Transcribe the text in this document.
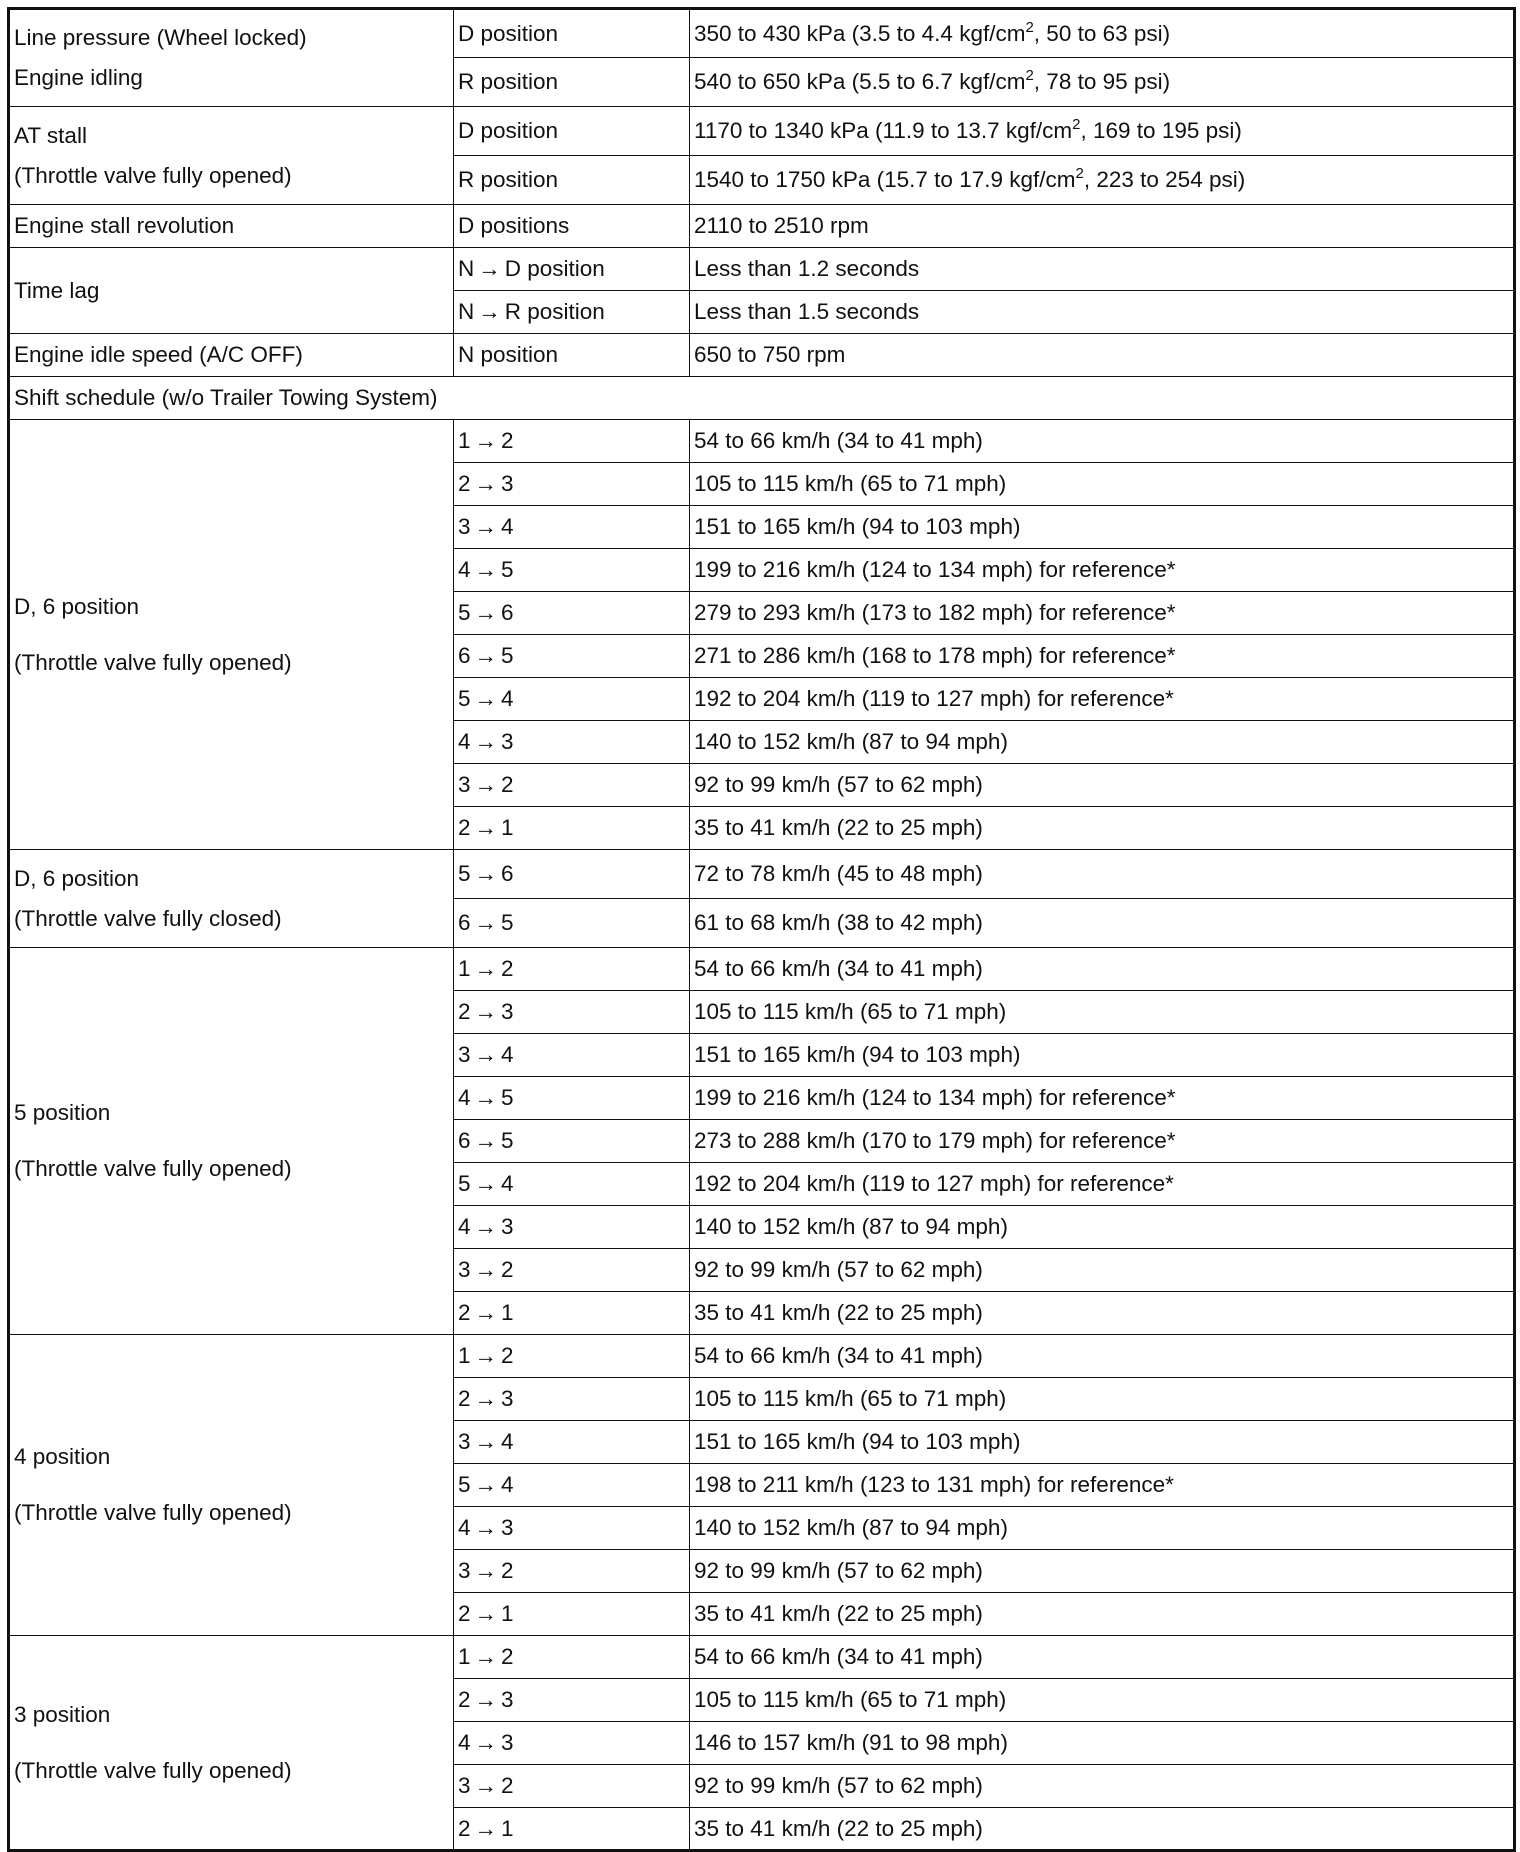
Line pressure (Wheel locked)
Engine idling	D position	350 to 430 kPa (3.5 to 4.4 kgf/$cm^2$, 50 to 63 psi)
	R position	540 to 650 kPa (5.5 to 6.7 kgf/$cm^2$, 78 to 95 psi)

AT stall
(Throttle valve fully opened)	D position	1170 to 1340 kPa (11.9 to 13.7 kgf/$cm^2$, 169 to 195 psi)
	R position	1540 to 1750 kPa (15.7 to 17.9 kgf/$cm^2$, 223 to 254 psi)
Engine stall revolution	D positions	2110 to 2510 rpm
Time lag	N → D position	Less than 1.2 seconds
	N → R position	Less than 1.5 seconds
Engine idle speed (A/C OFF)	N position	650 to 750 rpm
Shift schedule (w/o Trailer Towing System)		

D, 6 position
(Throttle valve fully opened)	1 → 2	54 to 66 km/h (34 to 41 mph)
	2 → 3	105 to 115 km/h (65 to 71 mph)
	3 → 4	151 to 165 km/h (94 to 103 mph)
	4 → 5	199 to 216 km/h (124 to 134 mph) for reference*
	5 → 6	279 to 293 km/h (173 to 182 mph) for reference*
	6 → 5	271 to 286 km/h (168 to 178 mph) for reference*
	5 → 4	192 to 204 km/h (119 to 127 mph) for reference*
	4 → 3	140 to 152 km/h (87 to 94 mph)
	3 → 2	92 to 99 km/h (57 to 62 mph)
	2 → 1	35 to 41 km/h (22 to 25 mph)

D, 6 position
(Throttle valve fully closed)	5 → 6	72 to 78 km/h (45 to 48 mph)
	6 → 5	61 to 68 km/h (38 to 42 mph)

5 position
(Throttle valve fully opened)	1 → 2	54 to 66 km/h (34 to 41 mph)
	2 → 3	105 to 115 km/h (65 to 71 mph)
	3 → 4	151 to 165 km/h (94 to 103 mph)
	4 → 5	199 to 216 km/h (124 to 134 mph) for reference*
	6 → 5	273 to 288 km/h (170 to 179 mph) for reference*
	5 → 4	192 to 204 km/h (119 to 127 mph) for reference*
	4 → 3	140 to 152 km/h (87 to 94 mph)
	3 → 2	92 to 99 km/h (57 to 62 mph)
	2 → 1	35 to 41 km/h (22 to 25 mph)

4 position
(Throttle valve fully opened)	1 → 2	54 to 66 km/h (34 to 41 mph)
	2 → 3	105 to 115 km/h (65 to 71 mph)
	3 → 4	151 to 165 km/h (94 to 103 mph)
	5 → 4	198 to 211 km/h (123 to 131 mph) for reference*
	4 → 3	140 to 152 km/h (87 to 94 mph)
	3 → 2	92 to 99 km/h (57 to 62 mph)
	2 → 1	35 to 41 km/h (22 to 25 mph)

3 position
(Throttle valve fully opened)	1 → 2	54 to 66 km/h (34 to 41 mph)
	2 → 3	105 to 115 km/h (65 to 71 mph)
	4 → 3	146 to 157 km/h (91 to 98 mph)
	3 → 2	92 to 99 km/h (57 to 62 mph)
	2 → 1	35 to 41 km/h (22 to 25 mph)
